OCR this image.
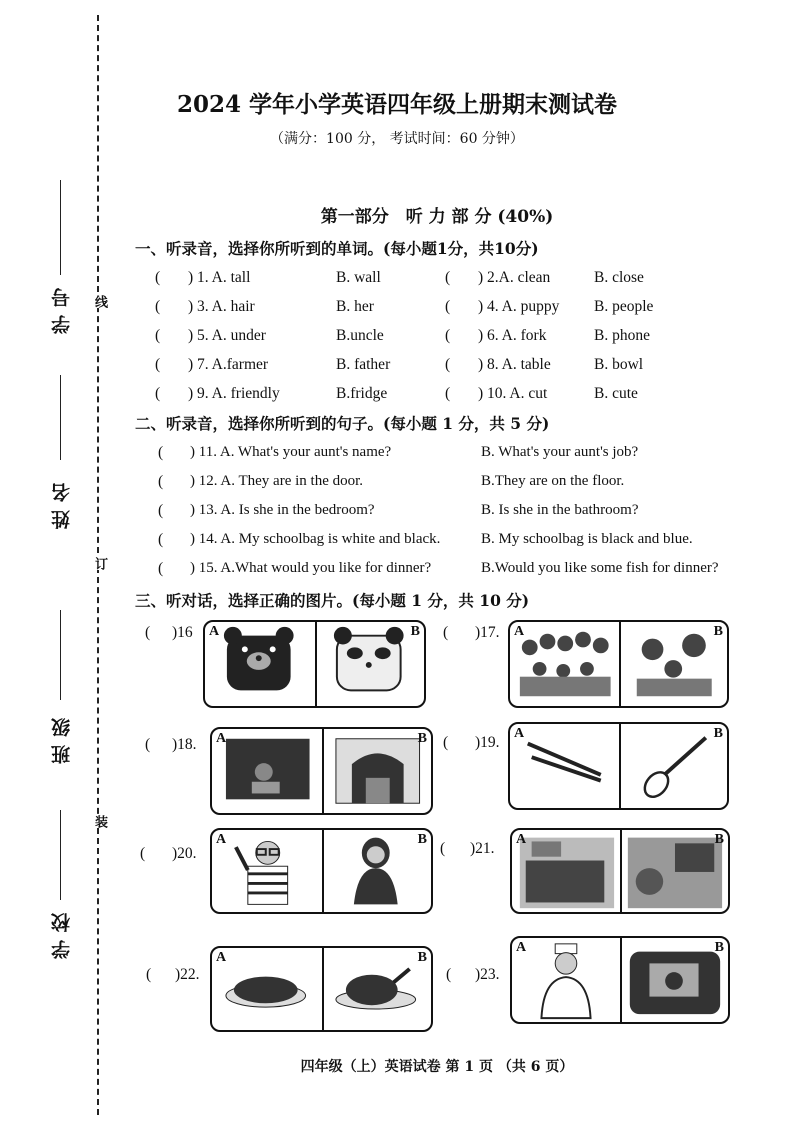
学号
姓名
班级
学校
线
订
装
2024 学年小学英语四年级上册期末测试卷
（满分：100 分， 考试时间：60 分钟）
第一部分　听 力 部 分 (40%)
一、听录音，选择你所听到的单词。(每小题1分，共10分)
( ) 1. A. tall	B. wall	( ) 2.A. clean	B. close
( ) 3. A. hair	B. her	( ) 4. A. puppy B. people
( ) 5. A. under	B.uncle	( ) 6. A. fork	B. phone
( ) 7. A.farmer	B. father	( ) 8. A. table	B. bowl
( ) 9. A. friendly	B.fridge	( ) 10. A. cut	B. cute
二、听录音，选择你所听到的句子。(每小题 1 分，共 5 分)
( ) 11. A. What's your aunt's name?	B. What's your aunt's job?
( ) 12. A. They are in the door.	B.They are on the floor.
( ) 13. A. Is she in the bedroom?	B. Is she in the bathroom?
( ) 14. A. My schoolbag is white and black.	B. My schoolbag is black and blue.
( ) 15. A.What would you like for dinner?	B.Would you like some fish for dinner?
三、听对话，选择正确的图片。(每小题 1 分，共 10 分)
( )16 A	B ( )17. A	B
( )18. A	B ( )19.
A	B
( )20.
A	B
( )21.
A	B
( )22.
A	B
( )23.
A	B
四年级（上）英语试卷 第 1 页 （共 6 页）
